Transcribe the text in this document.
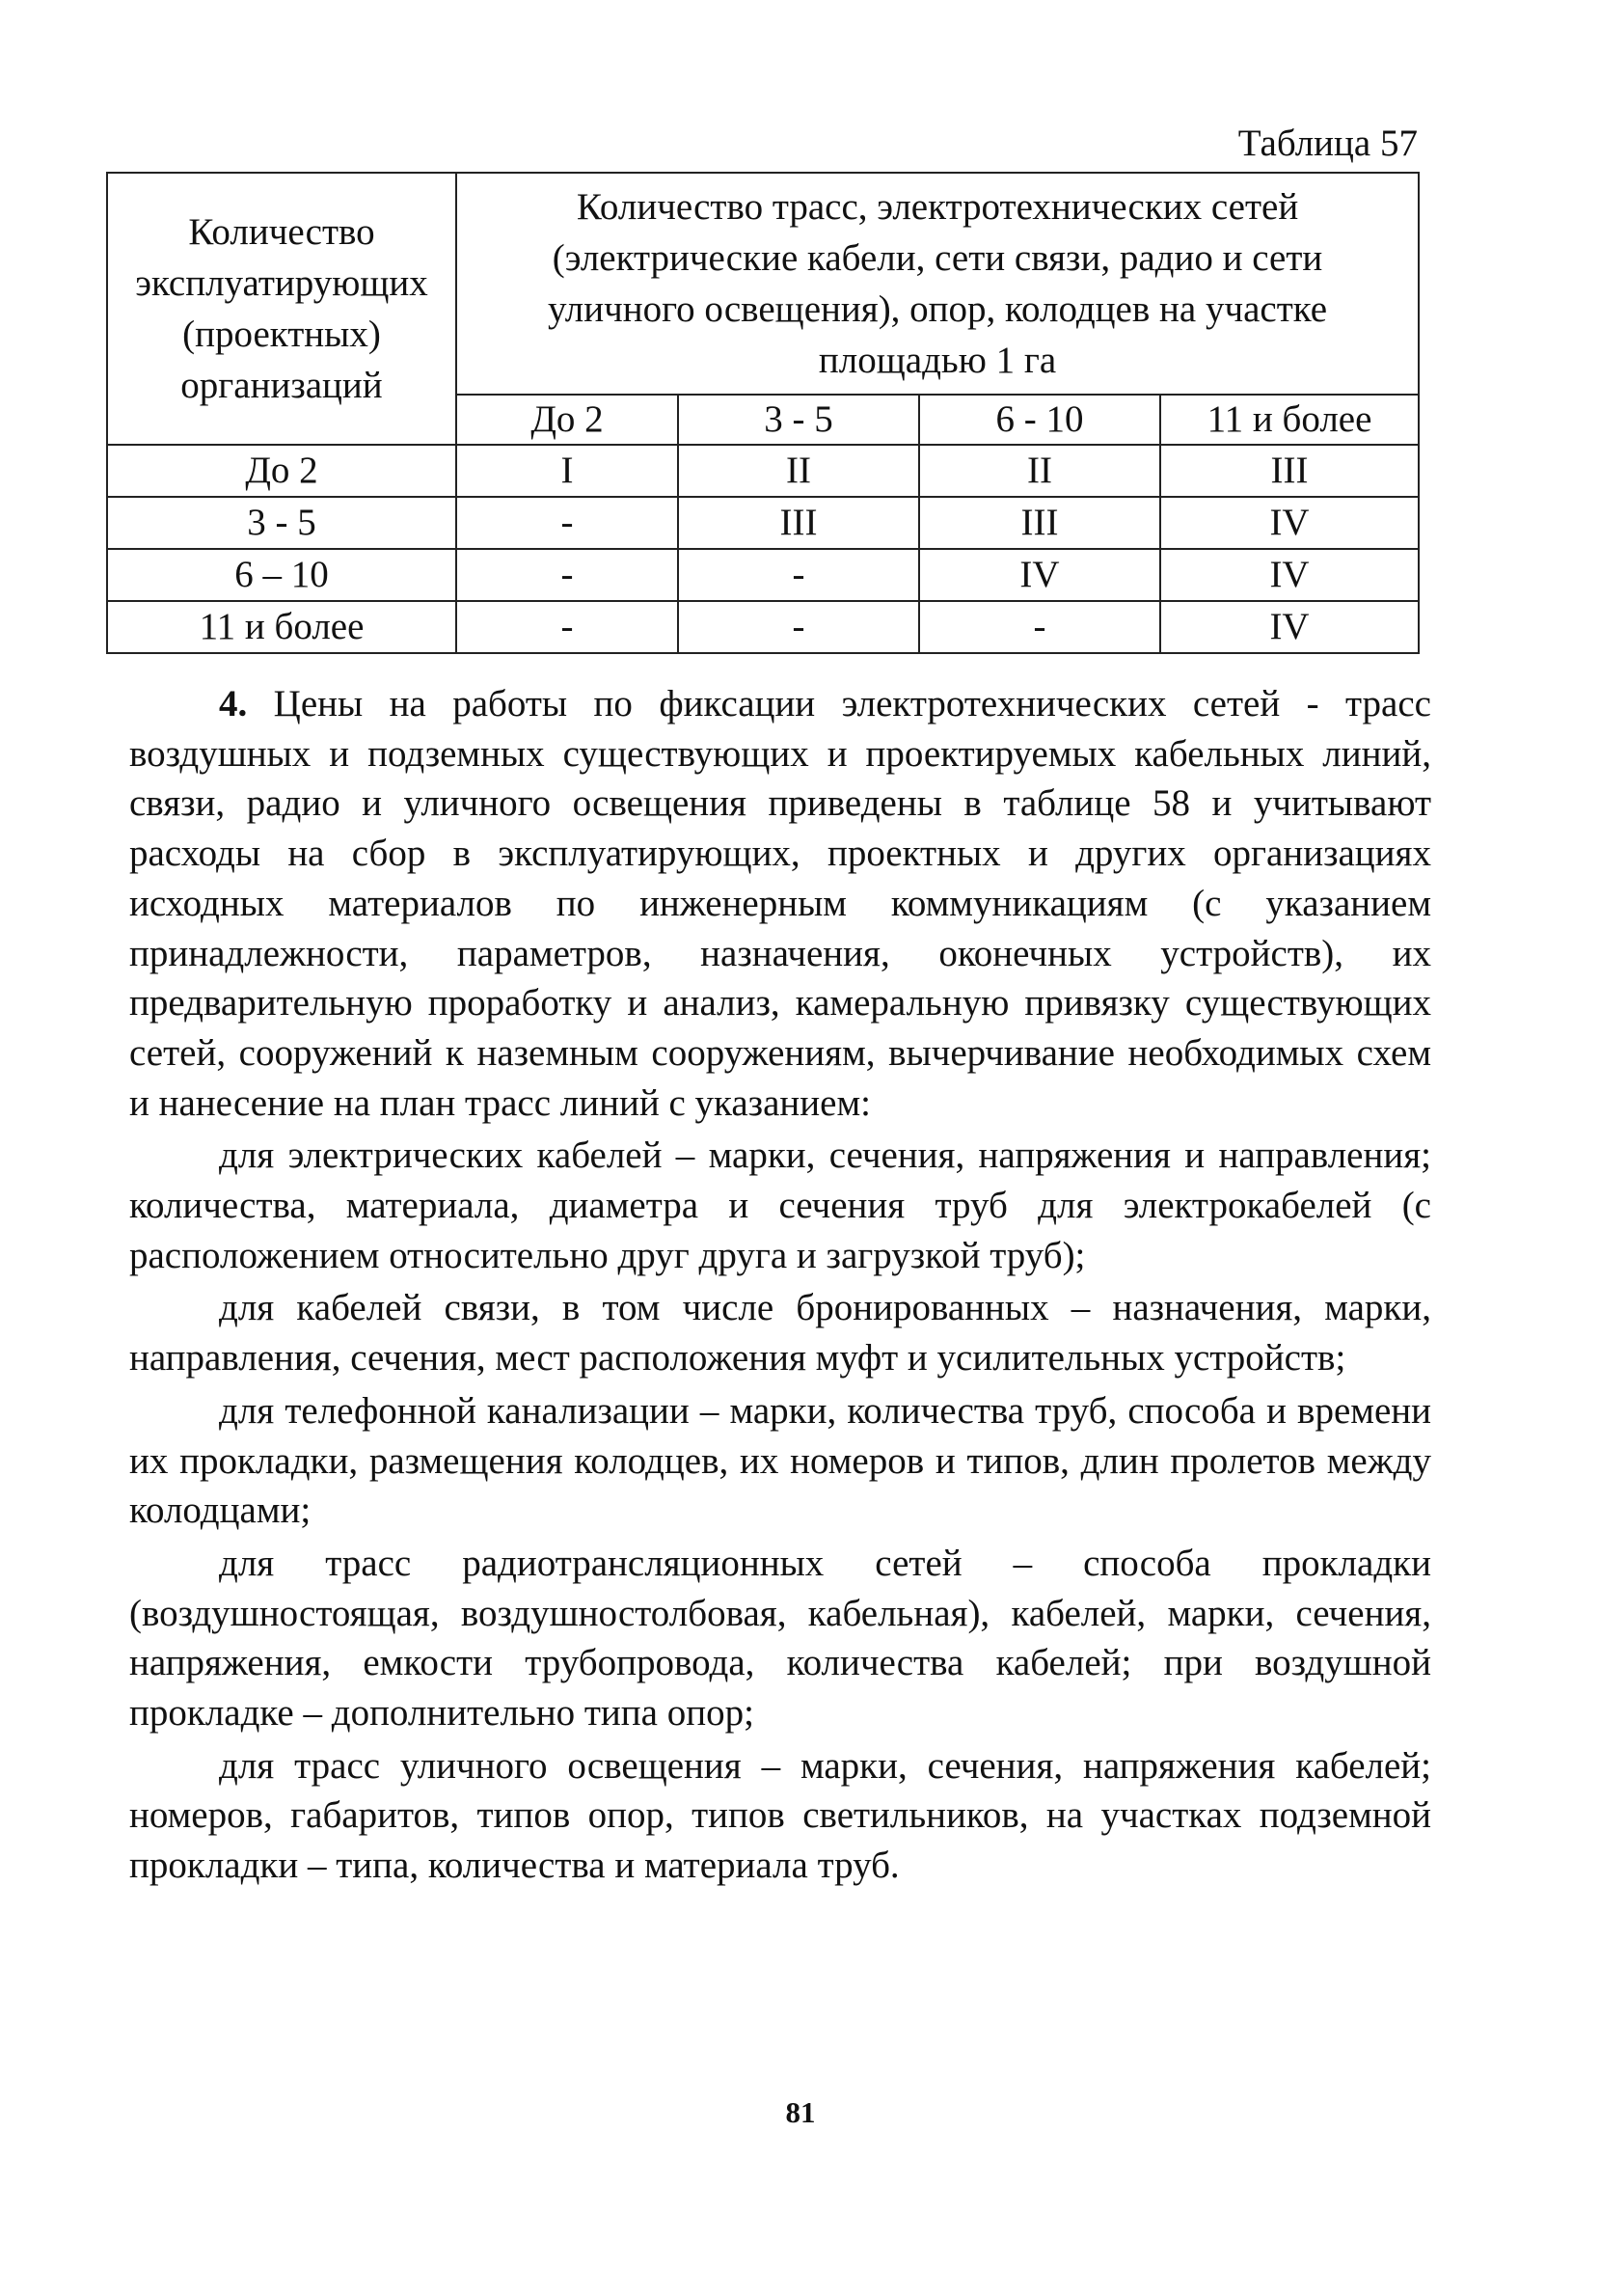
Таблица 57
Количество эксплуатирующих (проектных) организаций	Количество трасс, электротехнических сетей (электрические кабели, сети связи, радио и сети уличного освещения), опор, колодцев на участке площадью 1 га			
	До 2	3 - 5	6 - 10	11 и более
До 2	I	II	II	III
3 - 5	-	III	III	IV
6 – 10	-	-	IV	IV
11 и более	-	-	-	IV

4. Цены на работы по фиксации электротехнических сетей - трасс воздушных и подземных существующих и проектируемых кабельных линий, связи, радио и уличного освещения приведены в таблице 58 и учитывают расходы на сбор в эксплуатирующих, проектных и других организациях исходных материалов по инженерным коммуникациям (с указанием принадлежности, параметров, назначения, оконечных устройств), их предварительную проработку и анализ, камеральную привязку существующих сетей, сооружений к наземным сооружениям, вычерчивание необходимых схем и нанесение на план трасс линий с указанием:

для электрических кабелей – марки, сечения, напряжения и направления; количества, материала, диаметра и сечения труб для электрокабелей (с расположением относительно друг друга и загрузкой труб);

для кабелей связи, в том числе бронированных – назначения, марки, направления, сечения, мест расположения муфт и усилительных устройств;

для телефонной канализации – марки, количества труб, способа и времени их прокладки, размещения колодцев, их номеров и типов, длин пролетов между колодцами;

для трасс радиотрансляционных сетей – способа прокладки (воздушностоящая, воздушностолбовая, кабельная), кабелей, марки, сечения, напряжения, емкости трубопровода, количества кабелей; при воздушной прокладке – дополнительно типа опор;

для трасс уличного освещения – марки, сечения, напряжения кабелей; номеров, габаритов, типов опор, типов светильников, на участках подземной прокладки – типа, количества и материала труб.

81
